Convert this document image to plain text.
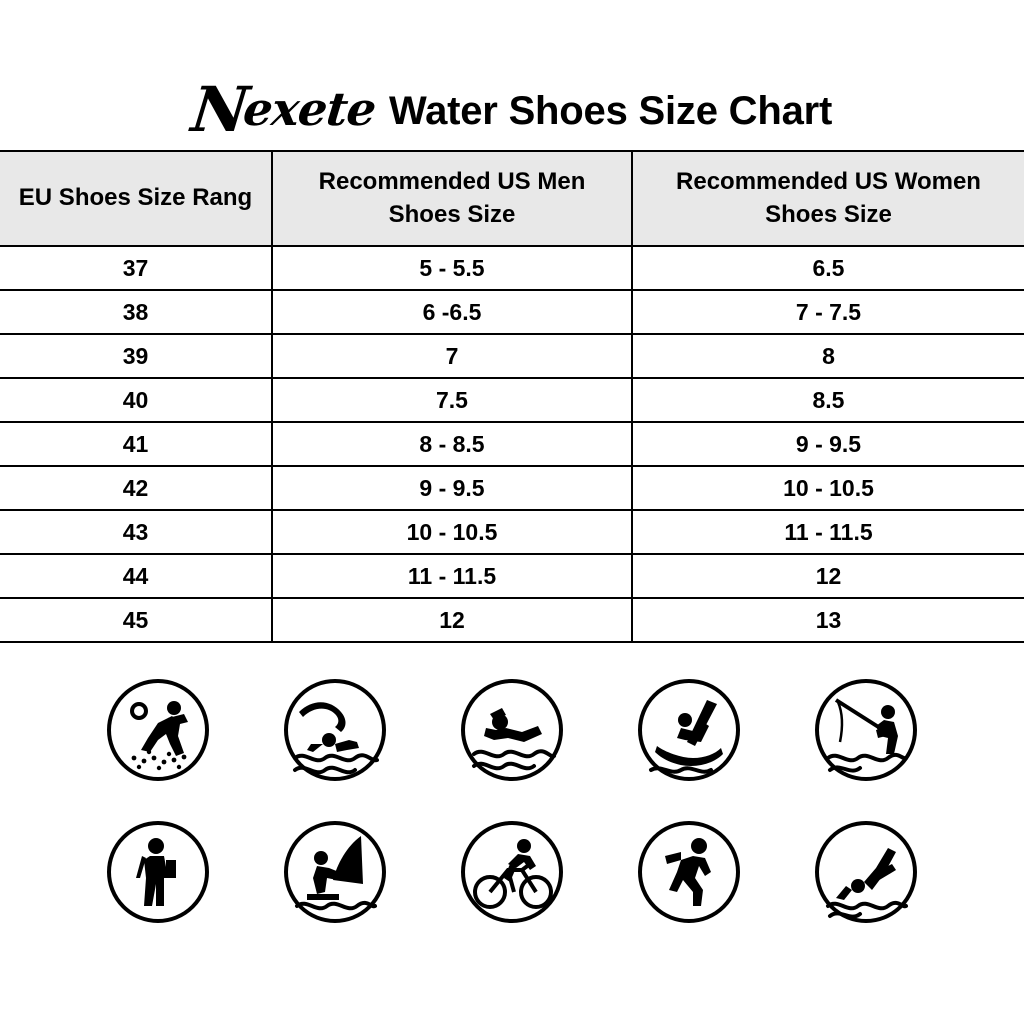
Nexete Water Shoes Size Chart
EU Shoes Size Rang	Recommended US Men Shoes Size	Recommended US Women Shoes Size
37	5 - 5.5	6.5
38	6 -6.5	7 - 7.5
39	7	8
40	7.5	8.5
41	8 - 8.5	9 - 9.5
42	9 - 9.5	10 - 10.5
43	10 - 10.5	11 - 11.5
44	11 - 11.5	12
45	12	13
